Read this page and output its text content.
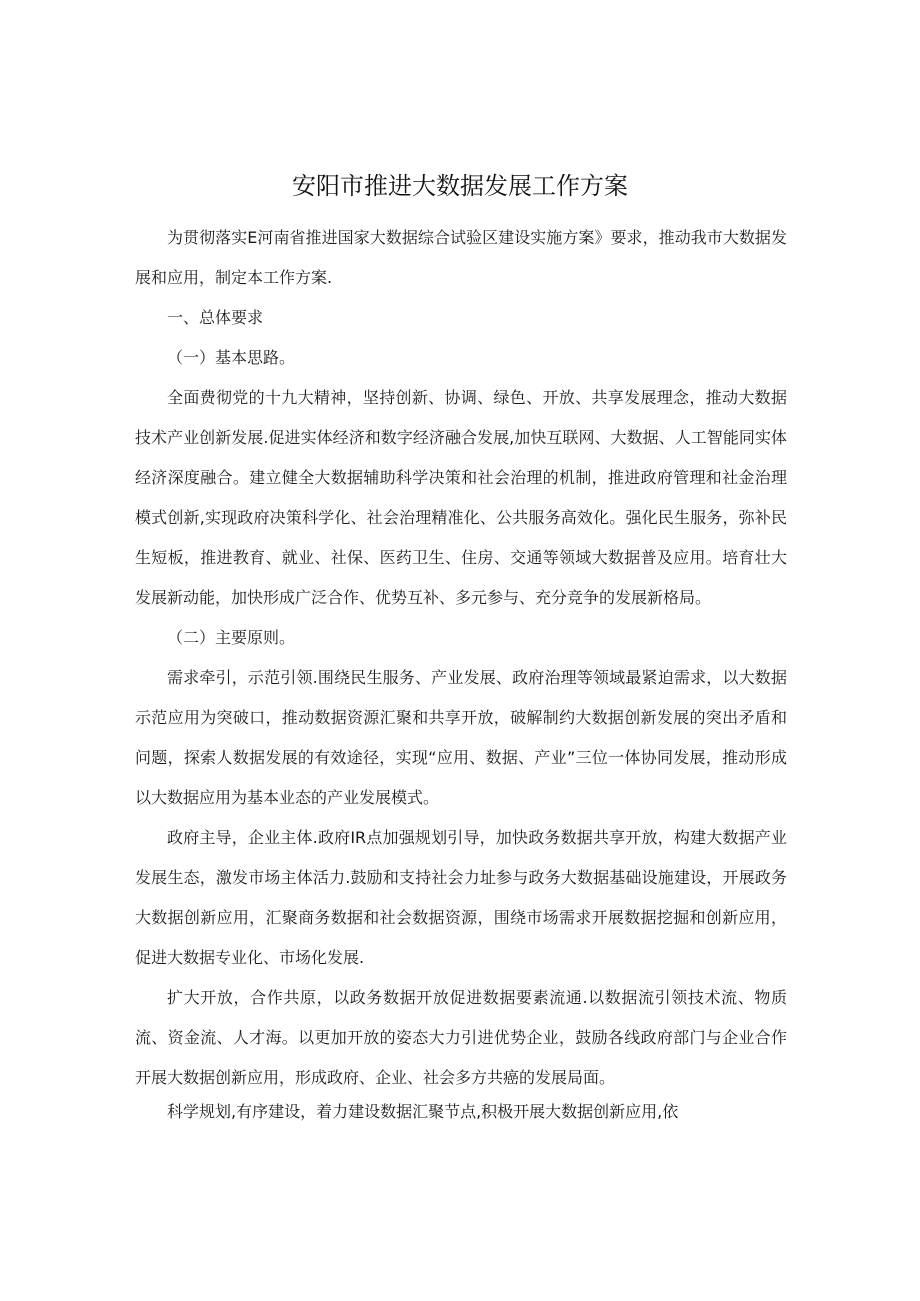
安阳市推进大数据发展工作方案

为贯彻落实E河南省推进国家大数据综合试验区建设实施方案》要求，推动我市大数据发展和应用，制定本工作方案.

一、总体要求

（一）基本思路。

全面费彻党的十九大精神，坚持创新、协调、绿色、开放、共享发展理念，推动大数据技术产业创新发展.促进实体经济和数字经济融合发展,加快互联网、大数据、人工智能同实体经济深度融合。建立健全大数据辅助科学决策和社会治理的机制，推进政府管理和社金治理模式创新,实现政府决策科学化、社会治理精准化、公共服务高效化。强化民生服务，弥补民生短板，推进教育、就业、社保、医药卫生、住房、交通等领域大数据普及应用。培育壮大发展新动能，加快形成广泛合作、优势互补、多元参与、充分竞争的发展新格局。

（二）主要原则。

需求牵引，示范引领.围绕民生服务、产业发展、政府治理等领域最紧迫需求，以大数据示范应用为突破口，推动数据资源汇聚和共享开放，破解制约大数据创新发展的突出矛盾和问题，探索人数据发展的有效途径，实现“应用、数据、产业”三位一体协同发展，推动形成以大数据应用为基本业态的产业发展模式。

政府主导，企业主体.政府IR点加强规划引导，加快政务数据共享开放，构建大数据产业发展生态，激发市场主体活力.鼓励和支持社会力址参与政务大数据基础设施建设，开展政务大数据创新应用，汇聚商务数据和社会数据资源，围绕市场需求开展数据挖掘和创新应用，促进大数据专业化、市场化发展.

扩大开放，合作共原，以政务数据开放促进数据要素流通.以数据流引领技术流、物质流、资金流、人才海。以更加开放的姿态大力引进优势企业，鼓励各线政府部门与企业合作开展大数据创新应用，形成政府、企业、社会多方共癌的发展局面。

科学规划,有序建设，着力建设数据汇聚节点,积极开展大数据创新应用,依
